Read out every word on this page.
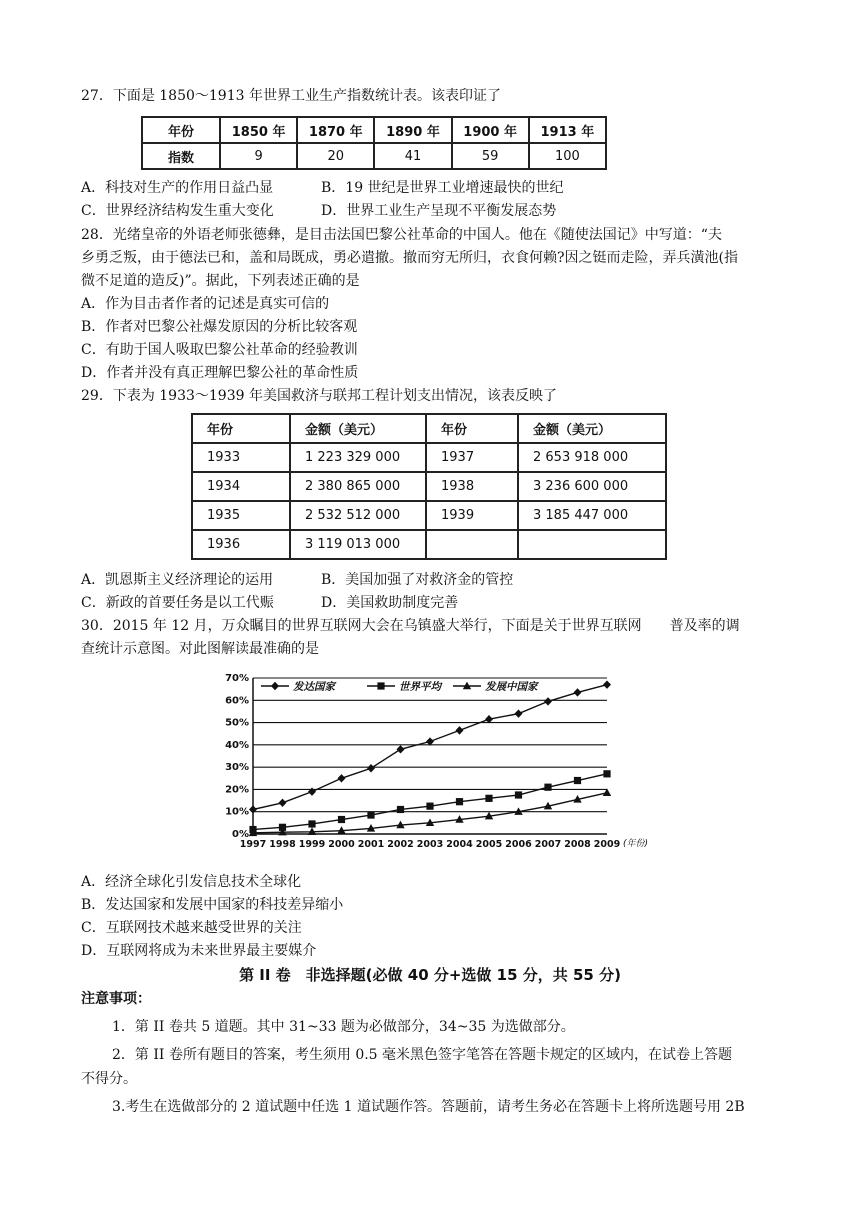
27．下面是 1850～1913 年世界工业生产指数统计表。该表印证了
年份	1850 年	1870 年	1890 年	1900 年	1913 年
指数	9	20	41	59	100
A．科技对生产的作用日益凸显	B．19 世纪是世界工业增速最快的世纪
C．世界经济结构发生重大变化	D．世界工业生产呈现不平衡发展态势
28．光绪皇帝的外语老师张德彝，是目击法国巴黎公社革命的中国人。他在《随使法国记》中写道：“夫
乡勇乏叛，由于德法已和，盖和局既成，勇必遣撤。撤而穷无所归，衣食何赖?因之铤而走险，弄兵潢池(指
微不足道的造反)”。据此，下列表述正确的是
A．作为目击者作者的记述是真实可信的
B．作者对巴黎公社爆发原因的分析比较客观
C．有助于国人吸取巴黎公社革命的经验教训
D．作者并没有真正理解巴黎公社的革命性质
29．下表为 1933～1939 年美国救济与联邦工程计划支出情况，该表反映了
年份	金额（美元）	年份	金额（美元）
1933	1 223 329 000	1937	2 653 918 000
1934	2 380 865 000	1938	3 236 600 000
1935	2 532 512 000	1939	3 185 447 000
1936	3 119 013 000		
A．凯恩斯主义经济理论的运用	B．美国加强了对救济金的管控
C．新政的首要任务是以工代赈	D．美国救助制度完善
30．2015 年 12 月，万众瞩目的世界互联网大会在乌镇盛大举行，下面是关于世界互联网　　普及率的调
查统计示意图。对此图解读最准确的是
0%
10%
20%
30%
40%
50%
60%
70%
1997 1998 1999 2000 2001 2002 2003 2004 2005 2006 2007 2008 2009 (年份)
发达国家	世界平均	发展中国家
A．经济全球化引发信息技术全球化
B．发达国家和发展中国家的科技差异缩小
C．互联网技术越来越受世界的关注
D．互联网将成为未来世界最主要媒介
第 II 卷　非选择题(必做 40 分+选做 15 分，共 55 分)
注意事项：
1．第 II 卷共 5 道题。其中 31~33 题为必做部分，34~35 为选做部分。
2．第 II 卷所有题目的答案，考生须用 0.5 毫米黑色签字笔答在答题卡规定的区域内，在试卷上答题
不得分。
3.考生在选做部分的 2 道试题中任选 1 道试题作答。答题前，请考生务必在答题卡上将所选题号用 2B
